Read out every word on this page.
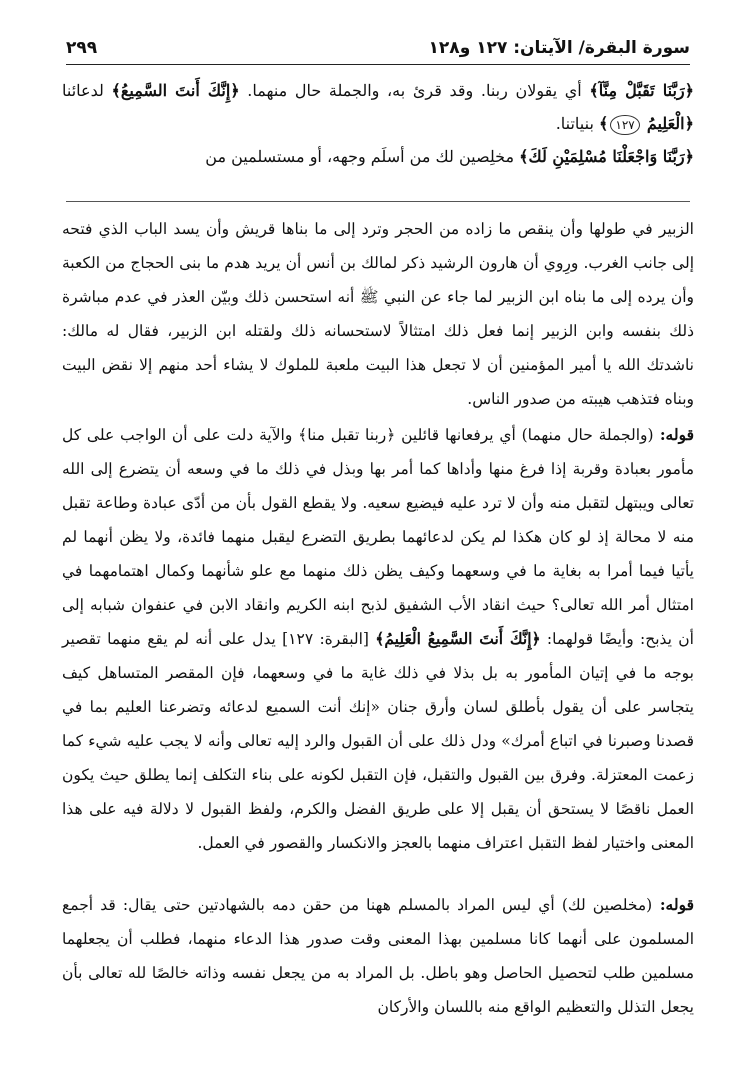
سورة البقرة/ الآيتان: ١٢٧ و١٢٨
٢٩٩

﴿رَبَّنَا تَقَبَّلْ مِنَّآ﴾ أي يقولان ربنا. وقد قرئ به، والجملة حال منهما. ﴿إِنَّكَ أَنتَ السَّمِيعُ﴾ لدعائنا ﴿الْعَلِيمُ ١٢٧﴾ بنياتنا.

﴿رَبَّنَا وَاجْعَلْنَا مُسْلِمَيْنِ لَكَ﴾ مخلِصين لك من أسلَم وجهه، أو مستسلمين من

الزبير في طولها وأن ينقص ما زاده من الحجر وترد إلى ما بناها قريش وأن يسد الباب الذي فتحه إلى جانب الغرب. ورِوي أن هارون الرشيد ذكر لمالك بن أنس أن يريد هدم ما بنى الحجاج من الكعبة وأن يرده إلى ما بناه ابن الزبير لما جاء عن النبي ﷺ أنه استحسن ذلك وبيّن العذر في عدم مباشرة ذلك بنفسه وابن الزبير إنما فعل ذلك امتثالاً لاستحسانه ذلك ولقتله ابن الزبير، فقال له مالك: ناشدتك الله يا أمير المؤمنين أن لا تجعل هذا البيت ملعبة للملوك لا يشاء أحد منهم إلا نقض البيت وبناه فتذهب هيبته من صدور الناس.

قوله: (والجملة حال منهما) أي يرفعانها قائلين ﴿ربنا تقبل منا﴾ والآية دلت على أن الواجب على كل مأمور بعبادة وقربة إذا فرغ منها وأداها كما أمر بها وبذل في ذلك ما في وسعه أن يتضرع إلى الله تعالى ويبتهل لتقبل منه وأن لا ترد عليه فيضيع سعيه. ولا يقطع القول بأن من أدّى عبادة وطاعة تقبل منه لا محالة إذ لو كان هكذا لم يكن لدعائهما بطريق التضرع ليقبل منهما فائدة، ولا يظن أنهما لم يأتيا فيما أمرا به بغاية ما في وسعهما وكيف يظن ذلك منهما مع علو شأنهما وكمال اهتمامهما في امتثال أمر الله تعالى؟ حيث انقاد الأب الشفيق لذبح ابنه الكريم وانقاد الابن في عنفوان شبابه إلى أن يذبح: وأيضًا قولهما: ﴿إِنَّكَ أَنتَ السَّمِيعُ الْعَلِيمُ﴾ [البقرة: ١٢٧] يدل على أنه لم يقع منهما تقصير بوجه ما في إتيان المأمور به بل بذلا في ذلك غاية ما في وسعهما، فإن المقصر المتساهل كيف يتجاسر على أن يقول بأطلق لسان وأرق جنان «إنك أنت السميع لدعائه وتضرعنا العليم بما في قصدنا وصبرنا في اتباع أمرك» ودل ذلك على أن القبول والرد إليه تعالى وأنه لا يجب عليه شيء كما زعمت المعتزلة. وفرق بين القبول والتقبل، فإن التقبل لكونه على بناء التكلف إنما يطلق حيث يكون العمل ناقصًا لا يستحق أن يقبل إلا على طريق الفضل والكرم، ولفظ القبول لا دلالة فيه على هذا المعنى واختيار لفظ التقبل اعتراف منهما بالعجز والانكسار والقصور في العمل.

قوله: (مخلصين لك) أي ليس المراد بالمسلم ههنا من حقن دمه بالشهادتين حتى يقال: قد أجمع المسلمون على أنهما كانا مسلمين بهذا المعنى وقت صدور هذا الدعاء منهما، فطلب أن يجعلهما مسلمين طلب لتحصيل الحاصل وهو باطل. بل المراد به من يجعل نفسه وذاته خالصًا لله تعالى بأن يجعل التذلل والتعظيم الواقع منه باللسان والأركان
